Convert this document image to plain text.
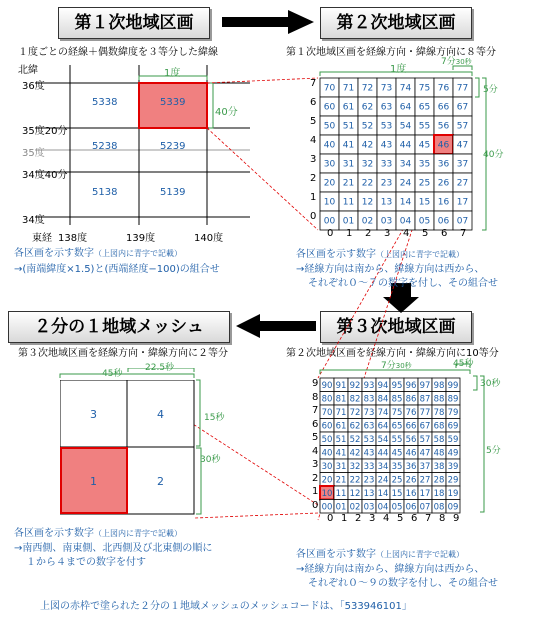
第１次地域区画	第２次地域区画
第３次地域区画
２分の１地域メッシュ
１度ごとの経線＋偶数緯度を３等分した緯線	第１次地域区画を経線方向・緯線方向に８等分
第２次地域区画を経線方向・緯線方向に10等分
第３次地域区画を経線方向・緯線方向に２等分
北緯
36度
35度20分
35度
34度40分
34度
東経 138度	139度	140度
5338	5339
5238	5239
5138	5139
1度
40分
各区画を示す数字（上図内に青字で記載）
→(南端緯度×1.5)と(西端経度−100)の組合せ
70 71 72 73 74 75 76 77
60 61 62 63 64 65 66 67
50 51 52 53 54 55 56 57
40 41 42 43 44 45 46 47
30 31 32 33 34 35 36 37
20 21 22 23 24 25 26 27
10 11 12 13 14 15 16 17
00 01 02 03 04 05 06 07
7
6
5
4
3
2
1
0
0 1 2 3 4 5 6 7
1度
7分30秒
5分
40分
各区画を示す数字（上図内に青字で記載）
→経線方向は南から、緯線方向は西から、
それぞれ０～７の数字を付し、その組合せ
90 91 92 93 94 95 96 97 98 99
80 81 82 83 84 85 86 87 88 89
70 71 72 73 74 75 76 77 78 79
60 61 62 63 64 65 66 67 68 69
50 51 52 53 54 55 56 57 58 59
40 41 42 43 44 45 46 47 48 49
30 31 32 33 34 35 36 37 38 39
20 21 22 23 24 25 26 27 28 29
10 11 12 13 14 15 16 17 18 19
00 01 02 03 04 05 06 07 08 09
9
8
7
6
5
4
3
2
1
0
0 1 2 3 4 5 6 7 8 9
7分30秒	45秒
30秒
5分
各区画を示す数字（上図内に青字で記載）
→経線方向は南から、緯線方向は西から、
それぞれ０～９の数字を付し、その組合せ
3	4
1	2
45秒
22.5秒
15秒
30秒
各区画を示す数字（上図内に青字で記載）
→南西側、南東側、北西側及び北東側の順に
１から４までの数字を付す
上図の赤枠で塗られた２分の１地域メッシュのメッシュコードは、「533946101」
